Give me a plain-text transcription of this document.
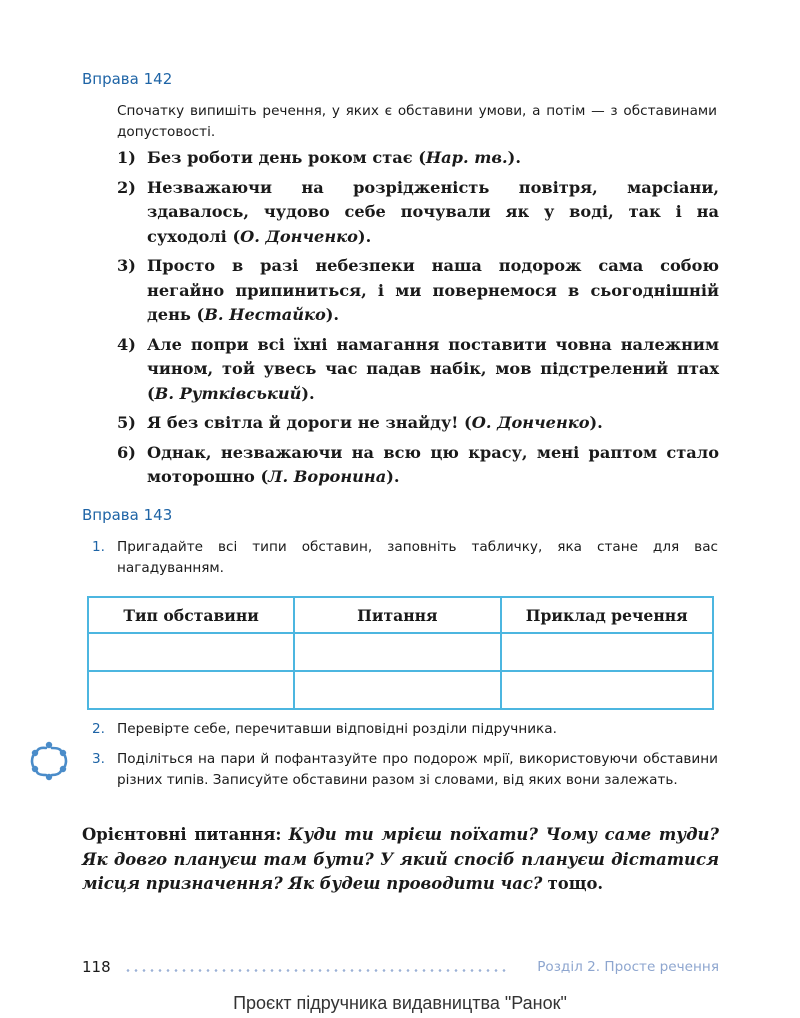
Вправа 142
Спочатку випишіть речення, у яких є обставини умови, а потім — з обставинами допустовості.
1) Без роботи день роком стає (Нар. тв.).
2) Незважаючи на розрідженість повітря, марсіани, здавалось, чудово себе почували як у воді, так і на суходолі (О. Донченко).
3) Просто в разі небезпеки наша подорож сама собою негайно припиниться, і ми повернемося в сьогоднішній день (В. Нестайко).
4) Але попри всі їхні намагання поставити човна належним чином, той увесь час падав набік, мов підстрелений птах (В. Рутківський).
5) Я без світла й дороги не знайду! (О. Донченко).
6) Однак, незважаючи на всю цю красу, мені раптом стало моторошно (Л. Воронина).
Вправа 143
1. Пригадайте всі типи обставин, заповніть табличку, яка стане для вас нагадуванням.
Тип обставини	Питання	Приклад речення

2. Перевірте себе, перечитавши відповідні розділи підручника.
3. Поділіться на пари й пофантазуйте про подорож мрії, використовуючи обставини різних типів. Записуйте обставини разом зі словами, від яких вони залежать.
Орієнтовні питання: Куди ти мрієш поїхати? Чому саме туди? Як довго плануєш там бути? У який спосіб плануєш дістатися місця призначення? Як будеш проводити час? тощо.
118	Розділ 2. Просте речення
Проєкт підручника видавництва "Ранок"
